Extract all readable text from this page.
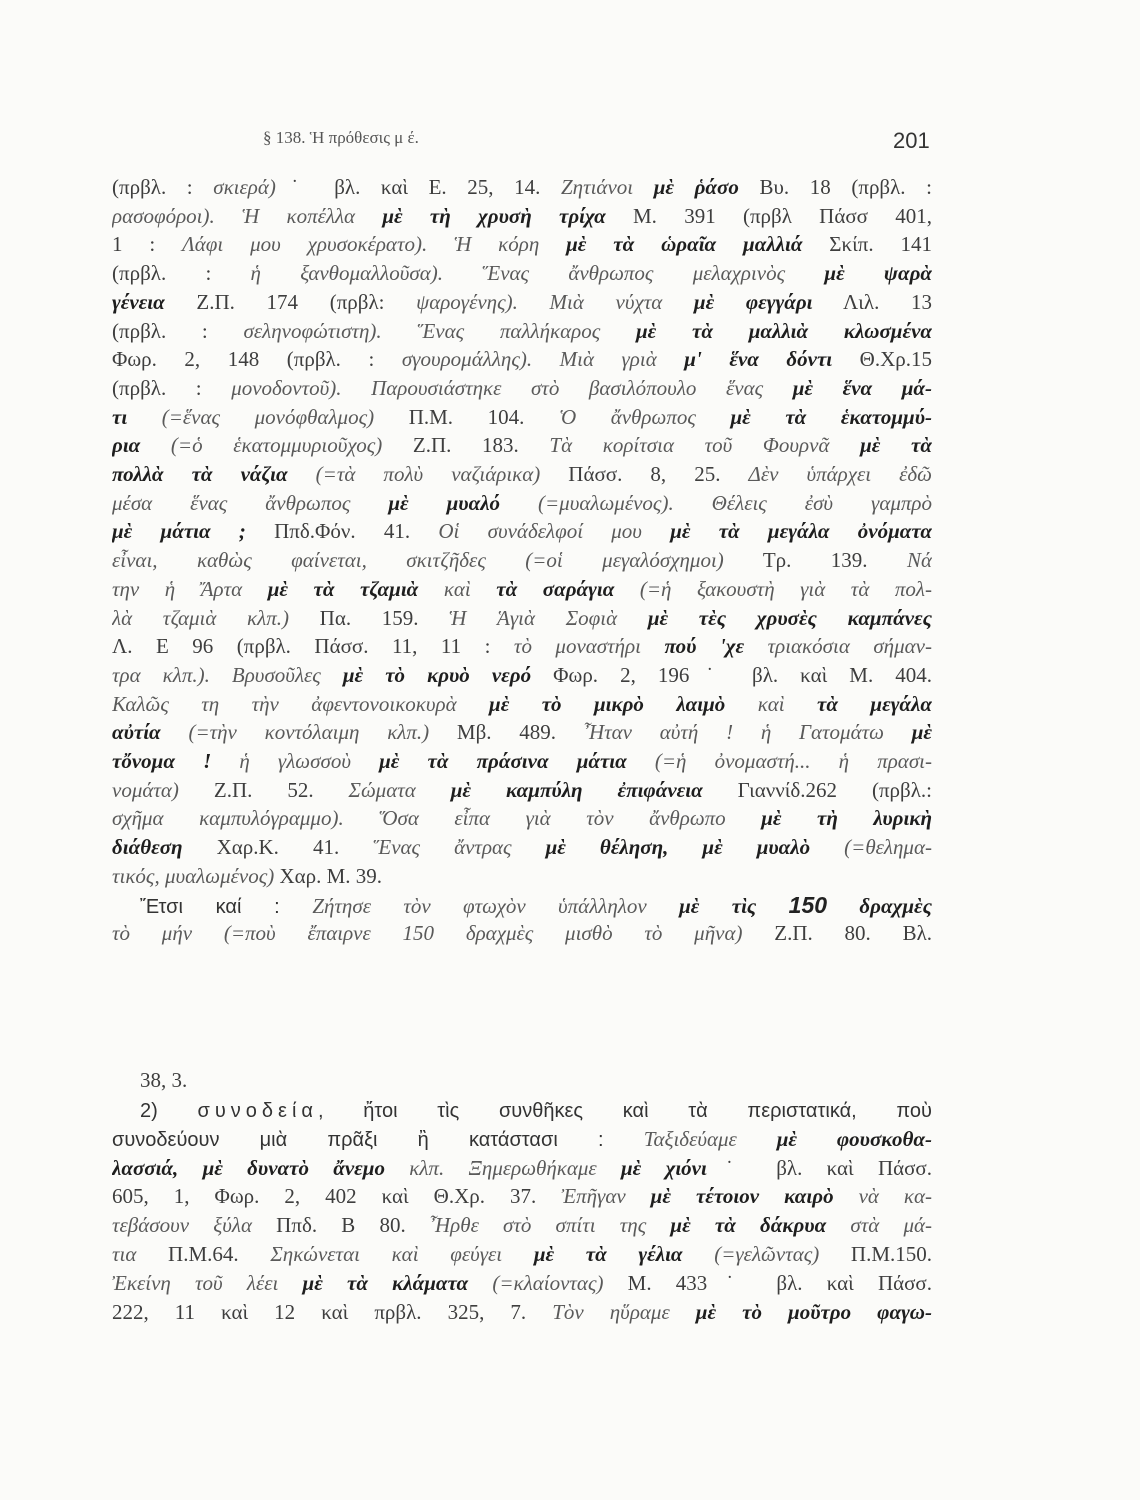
§ 138. Ἡ πρόθεσις μ έ.	201
(πρβλ. : σκιερά)˙ βλ. καὶ Ε. 25, 14. Ζητιάνοι μὲ ῥάσο Βυ. 18 (πρβλ. :
ρασοφόροι). Ἡ κοπέλλα μὲ τὴ χρυσὴ τρίχα Μ. 391 (πρβλ Πάσσ 401,
1 : Λάφι μου χρυσοκέρατο). Ἡ κόρη μὲ τὰ ὡραῖα μαλλιά Σκίπ. 141
(πρβλ. : ἡ ξανθομαλλοῦσα). Ἕνας ἄνθρωπος μελαχρινὸς μὲ ψαρὰ
γένεια Ζ.Π. 174 (πρβλ: ψαρογένης). Μιὰ νύχτα μὲ φεγγάρι Λιλ. 13
(πρβλ. : σεληνοφώτιστη). Ἕνας παλλήκαρος μὲ τὰ μαλλιὰ κλωσμένα
Φωρ. 2, 148 (πρβλ. : σγουρομάλλης). Μιὰ γριὰ μ' ἕνα δόντι Θ.Χρ.15
(πρβλ. : μονοδοντοῦ). Παρουσιάστηκε στὸ βασιλόπουλο ἕνας μὲ ἕνα μά-
τι (=ἕνας μονόφθαλμος) Π.Μ. 104. Ὁ ἄνθρωπος μὲ τὰ ἑκατομμύ-
ρια (=ὁ ἑκατομμυριοῦχος) Ζ.Π. 183. Τὰ κορίτσια τοῦ Φουρνᾶ μὲ τὰ
πολλὰ τὰ νάζια (=τὰ πολὺ ναζιάρικα) Πάσσ. 8, 25. Δὲν ὑπάρχει ἐδῶ
μέσα ἕνας ἄνθρωπος μὲ μυαλό (=μυαλωμένος). Θέλεις ἐσὺ γαμπρὸ
μὲ μάτια ; Ππδ.Φόν. 41. Οἱ συνάδελφοί μου μὲ τὰ μεγάλα ὀνόματα
εἶναι, καθὼς φαίνεται, σκιτζῆδες (=οἱ μεγαλόσχημοι) Τρ. 139. Νά
την ἡ Ἄρτα μὲ τὰ τζαμιὰ καὶ τὰ σαράγια (=ἡ ξακουστὴ γιὰ τὰ πολ-
λὰ τζαμιὰ κλπ.) Πα. 159. Ἡ Ἁγιὰ Σοφιὰ μὲ τὲς χρυσὲς καμπάνες
Λ. Ε 96 (πρβλ. Πάσσ. 11, 11 : τὸ μοναστήρι πού 'χε τριακόσια σήμαν-
τρα κλπ.). Βρυσοῦλες μὲ τὸ κρυὸ νερό Φωρ. 2, 196˙ βλ. καὶ Μ. 404.
Καλῶς τη τὴν ἀφεντονοικοκυρὰ μὲ τὸ μικρὸ λαιμὸ καὶ τὰ μεγάλα
αὐτία (=τὴν κοντόλαιμη κλπ.) Μβ. 489. Ἦταν αὐτή ! ἡ Γατομάτω μὲ
τὄνομα ! ἡ γλωσσοὺ μὲ τὰ πράσινα μάτια (=ἡ ὀνομαστή... ἡ πρασι-
νομάτα) Ζ.Π. 52. Σώματα μὲ καμπύλη ἐπιφάνεια Γιαννίδ.262 (πρβλ.:
σχῆμα καμπυλόγραμμο). Ὅσα εἶπα γιὰ τὸν ἄνθρωπο μὲ τὴ λυρικὴ
διάθεση Χαρ.Κ. 41. Ἕνας ἄντρας μὲ θέληση, μὲ μυαλὸ (=θελημα-
τικός, μυαλωμένος) Χαρ. Μ. 39.
Ἔτσι καί : Ζήτησε τὸν φτωχὸν ὑπάλληλον μὲ τὶς 150 δραχμὲς
τὸ μήν (=ποὺ ἔπαιρνε 150 δραχμὲς μισθὸ τὸ μῆνα) Ζ.Π. 80. Βλ.
38, 3.
2) συνοδεία, ἤτοι τὶς συνθῆκες καὶ τὰ περιστατικά, ποὺ
συνοδεύουν μιὰ πρᾶξι ἢ κατάστασι : Ταξιδεύαμε μὲ φουσκοθα-
λασσιά, μὲ δυνατὸ ἄνεμο κλπ. Ξημερωθήκαμε μὲ χιόνι˙ βλ. καὶ Πάσσ.
605, 1, Φωρ. 2, 402 καὶ Θ.Χρ. 37. Ἐπῆγαν μὲ τέτοιον καιρὸ νὰ κα-
τεβάσουν ξύλα Ππδ. Β 80. Ἦρθε στὸ σπίτι της μὲ τὰ δάκρυα στὰ μά-
τια Π.Μ.64. Σηκώνεται καὶ φεύγει μὲ τὰ γέλια (=γελῶντας) Π.Μ.150.
Ἐκείνη τοῦ λέει μὲ τὰ κλάματα (=κλαίοντας) Μ. 433˙ βλ. καὶ Πάσσ.
222, 11 καὶ 12 καὶ πρβλ. 325, 7. Τὸν ηὕραμε μὲ τὸ μοῦτρο φαγω-
